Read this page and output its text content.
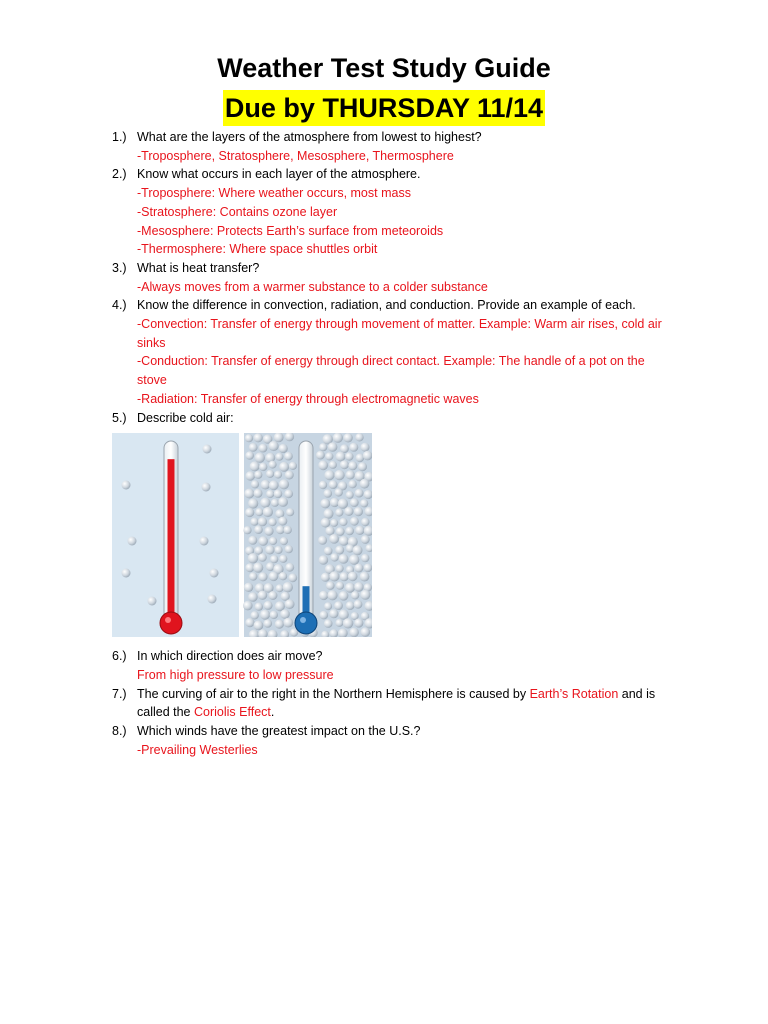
Weather Test Study Guide
Due by THURSDAY 11/14
1.) What are the layers of the atmosphere from lowest to highest?
-Troposphere, Stratosphere, Mesosphere, Thermosphere
2.) Know what occurs in each layer of the atmosphere.
-Troposphere: Where weather occurs, most mass
-Stratosphere: Contains ozone layer
-Mesosphere: Protects Earth’s surface from meteoroids
-Thermosphere: Where space shuttles orbit
3.) What is heat transfer?
-Always moves from a warmer substance to a colder substance
4.) Know the difference in convection, radiation, and conduction. Provide an example of each.
-Convection: Transfer of energy through movement of matter. Example: Warm air rises, cold air sinks
-Conduction: Transfer of energy through direct contact. Example: The handle of a pot on the stove
-Radiation: Transfer of energy through electromagnetic waves
5.) Describe cold air:
6.) In which direction does air move?
From high pressure to low pressure
7.) The curving of air to the right in the Northern Hemisphere is caused by Earth’s Rotation and is called the Coriolis Effect.
8.) Which winds have the greatest impact on the U.S.?
-Prevailing Westerlies
